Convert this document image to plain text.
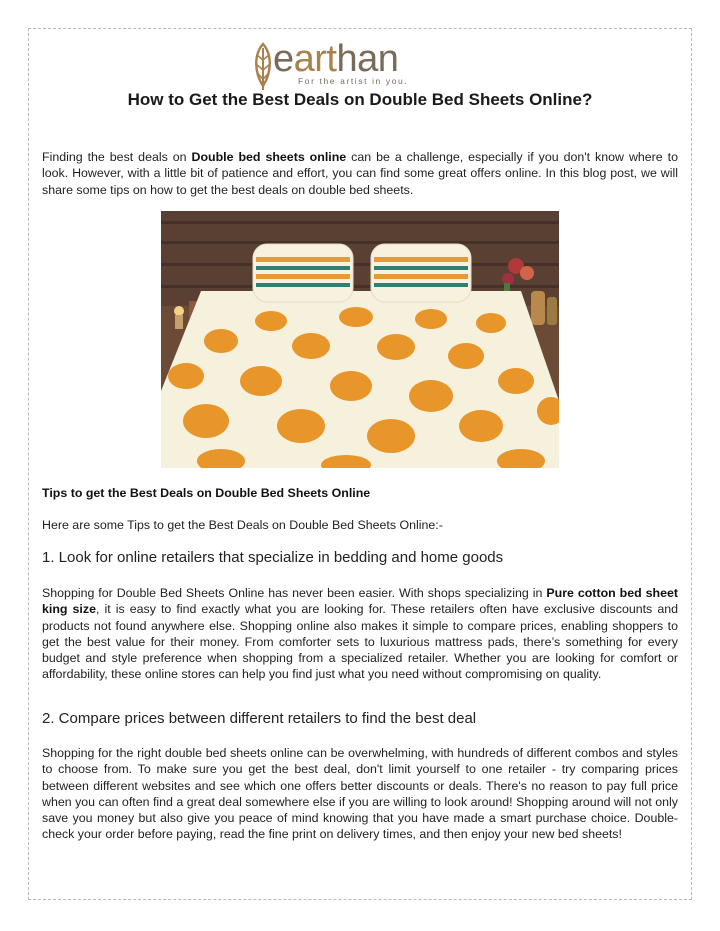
earthan
For the artist in you.
How to Get the Best Deals on Double Bed Sheets Online?

Finding the best deals on Double bed sheets online can be a challenge, especially if you don't know where to look. However, with a little bit of patience and effort, you can find some great offers online. In this blog post, we will share some tips on how to get the best deals on double bed sheets.

Tips to get the Best Deals on Double Bed Sheets Online

Here are some Tips to get the Best Deals on Double Bed Sheets Online:-

1. Look for online retailers that specialize in bedding and home goods

Shopping for Double Bed Sheets Online has never been easier. With shops specializing in Pure cotton bed sheet king size, it is easy to find exactly what you are looking for. These retailers often have exclusive discounts and products not found anywhere else. Shopping online also makes it simple to compare prices, enabling shoppers to get the best value for their money. From comforter sets to luxurious mattress pads, there’s something for every budget and style preference when shopping from a specialized retailer. Whether you are looking for comfort or affordability, these online stores can help you find just what you need without compromising on quality.

2. Compare prices between different retailers to find the best deal

Shopping for the right double bed sheets online can be overwhelming, with hundreds of different combos and styles to choose from. To make sure you get the best deal, don't limit yourself to one retailer - try comparing prices between different websites and see which one offers better discounts or deals. There's no reason to pay full price when you can often find a great deal somewhere else if you are willing to look around! Shopping around will not only save you money but also give you peace of mind knowing that you have made a smart purchase choice. Double-check your order before paying, read the fine print on delivery times, and then enjoy your new bed sheets!
